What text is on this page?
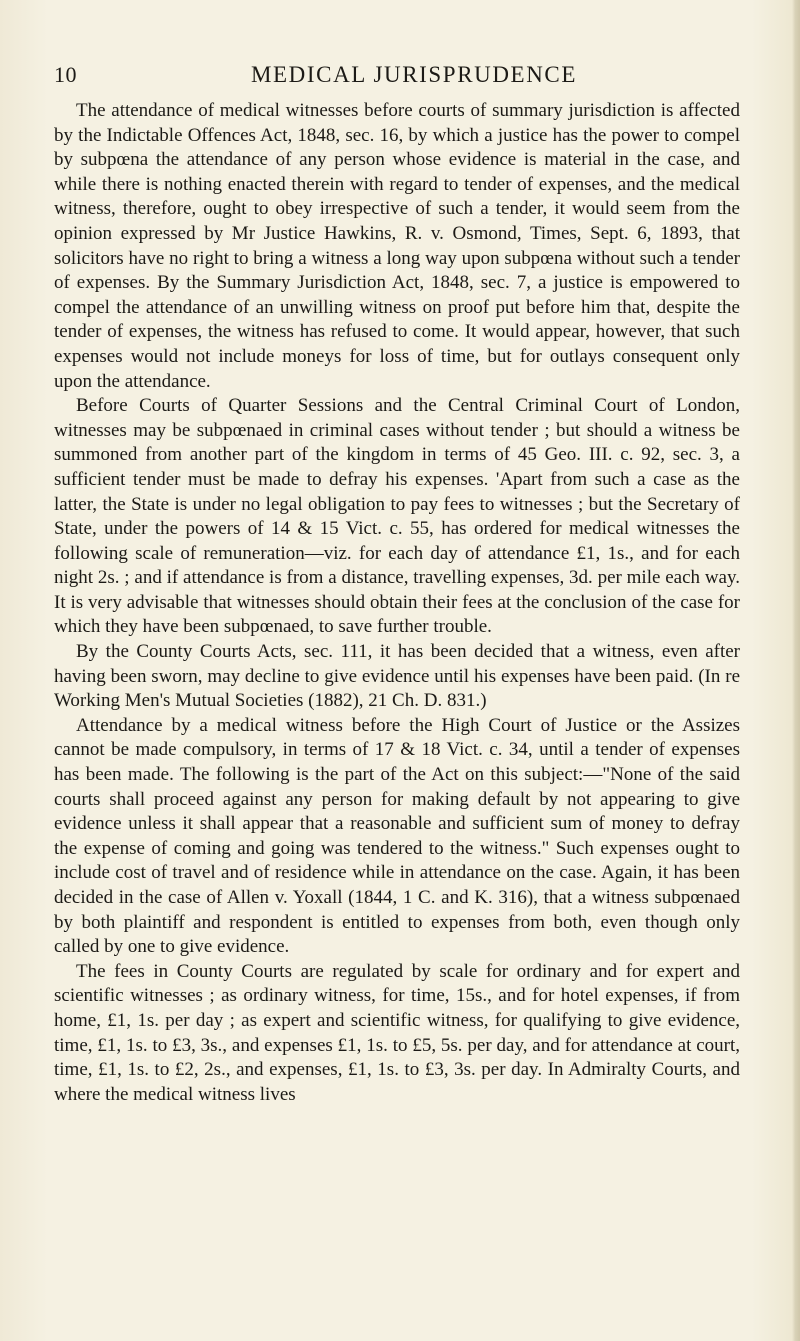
10	MEDICAL JURISPRUDENCE

The attendance of medical witnesses before courts of summary jurisdiction is affected by the Indictable Offences Act, 1848, sec. 16, by which a justice has the power to compel by subpœna the attendance of any person whose evidence is material in the case, and while there is nothing enacted therein with regard to tender of expenses, and the medical witness, therefore, ought to obey irrespective of such a tender, it would seem from the opinion expressed by Mr Justice Hawkins, R. v. Osmond, Times, Sept. 6, 1893, that solicitors have no right to bring a witness a long way upon subpœna without such a tender of expenses. By the Summary Jurisdiction Act, 1848, sec. 7, a justice is empowered to compel the attendance of an unwilling witness on proof put before him that, despite the tender of expenses, the witness has refused to come. It would appear, however, that such expenses would not include moneys for loss of time, but for outlays consequent only upon the attendance.

Before Courts of Quarter Sessions and the Central Criminal Court of London, witnesses may be subpœnaed in criminal cases without tender ; but should a witness be summoned from another part of the kingdom in terms of 45 Geo. III. c. 92, sec. 3, a sufficient tender must be made to defray his expenses. 'Apart from such a case as the latter, the State is under no legal obligation to pay fees to witnesses ; but the Secretary of State, under the powers of 14 & 15 Vict. c. 55, has ordered for medical witnesses the following scale of remuneration—viz. for each day of attendance £1, 1s., and for each night 2s. ; and if attendance is from a distance, travelling expenses, 3d. per mile each way. It is very advisable that witnesses should obtain their fees at the conclusion of the case for which they have been subpœnaed, to save further trouble.

By the County Courts Acts, sec. 111, it has been decided that a witness, even after having been sworn, may decline to give evidence until his expenses have been paid. (In re Working Men's Mutual Societies (1882), 21 Ch. D. 831.)

Attendance by a medical witness before the High Court of Justice or the Assizes cannot be made compulsory, in terms of 17 & 18 Vict. c. 34, until a tender of expenses has been made. The following is the part of the Act on this subject:—"None of the said courts shall proceed against any person for making default by not appearing to give evidence unless it shall appear that a reasonable and sufficient sum of money to defray the expense of coming and going was tendered to the witness." Such expenses ought to include cost of travel and of residence while in attendance on the case. Again, it has been decided in the case of Allen v. Yoxall (1844, 1 C. and K. 316), that a witness subpœnaed by both plaintiff and respondent is entitled to expenses from both, even though only called by one to give evidence.

The fees in County Courts are regulated by scale for ordinary and for expert and scientific witnesses ; as ordinary witness, for time, 15s., and for hotel expenses, if from home, £1, 1s. per day ; as expert and scientific witness, for qualifying to give evidence, time, £1, 1s. to £3, 3s., and expenses £1, 1s. to £5, 5s. per day, and for attendance at court, time, £1, 1s. to £2, 2s., and expenses, £1, 1s. to £3, 3s. per day. In Admiralty Courts, and where the medical witness lives
